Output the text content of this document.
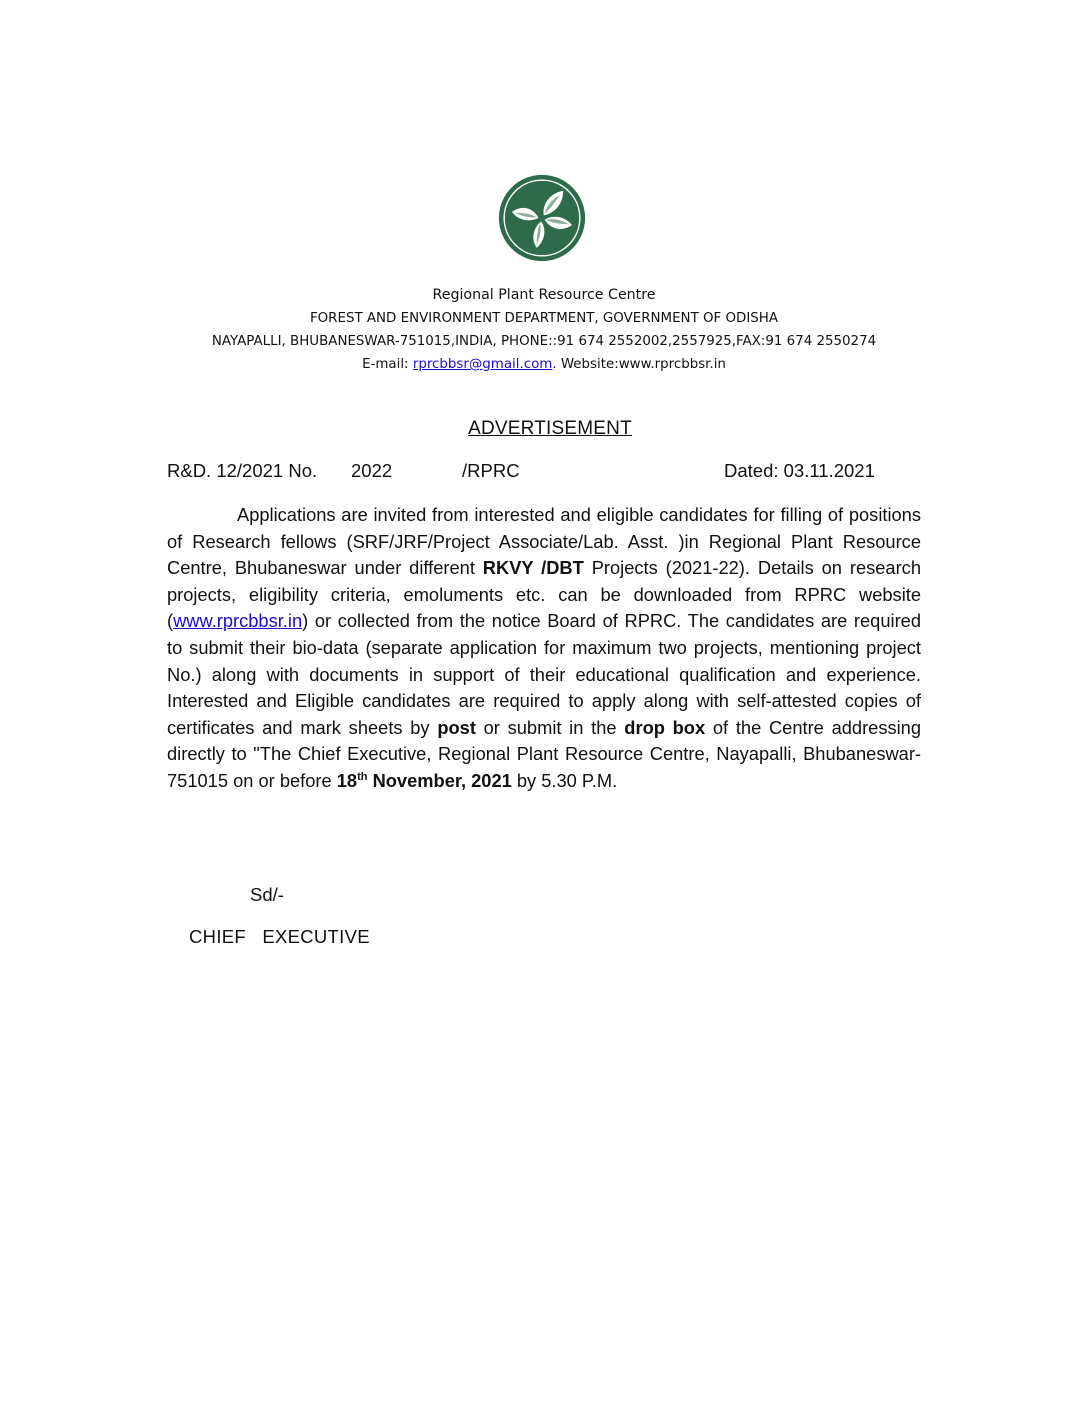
Regional Plant Resource Centre
FOREST AND ENVIRONMENT DEPARTMENT, GOVERNMENT OF ODISHA
NAYAPALLI, BHUBANESWAR-751015,INDIA, PHONE::91 674 2552002,2557925,FAX:91 674 2550274
E-mail: rprcbbsr@gmail.com. Website:www.rprcbbsr.in
ADVERTISEMENT
R&D. 12/2021 No. 2022	/RPRC	Dated: 03.11.2021
Applications are invited from interested and eligible candidates for filling of positions of Research fellows (SRF/JRF/Project Associate/Lab. Asst. )in Regional Plant Resource Centre, Bhubaneswar under different RKVY /DBT Projects (2021-22). Details on research projects, eligibility criteria, emoluments etc. can be downloaded from RPRC website (www.rprcbbsr.in) or collected from the notice Board of RPRC. The candidates are required to submit their bio-data (separate application for maximum two projects, mentioning project No.) along with documents in support of their educational qualification and experience. Interested and Eligible candidates are required to apply along with self-attested copies of certificates and mark sheets by post or submit in the drop box of the Centre addressing directly to "The Chief Executive, Regional Plant Resource Centre, Nayapalli, Bhubaneswar-751015 on or before 18th November, 2021 by 5.30 P.M.
Sd/-
CHIEF   EXECUTIVE
